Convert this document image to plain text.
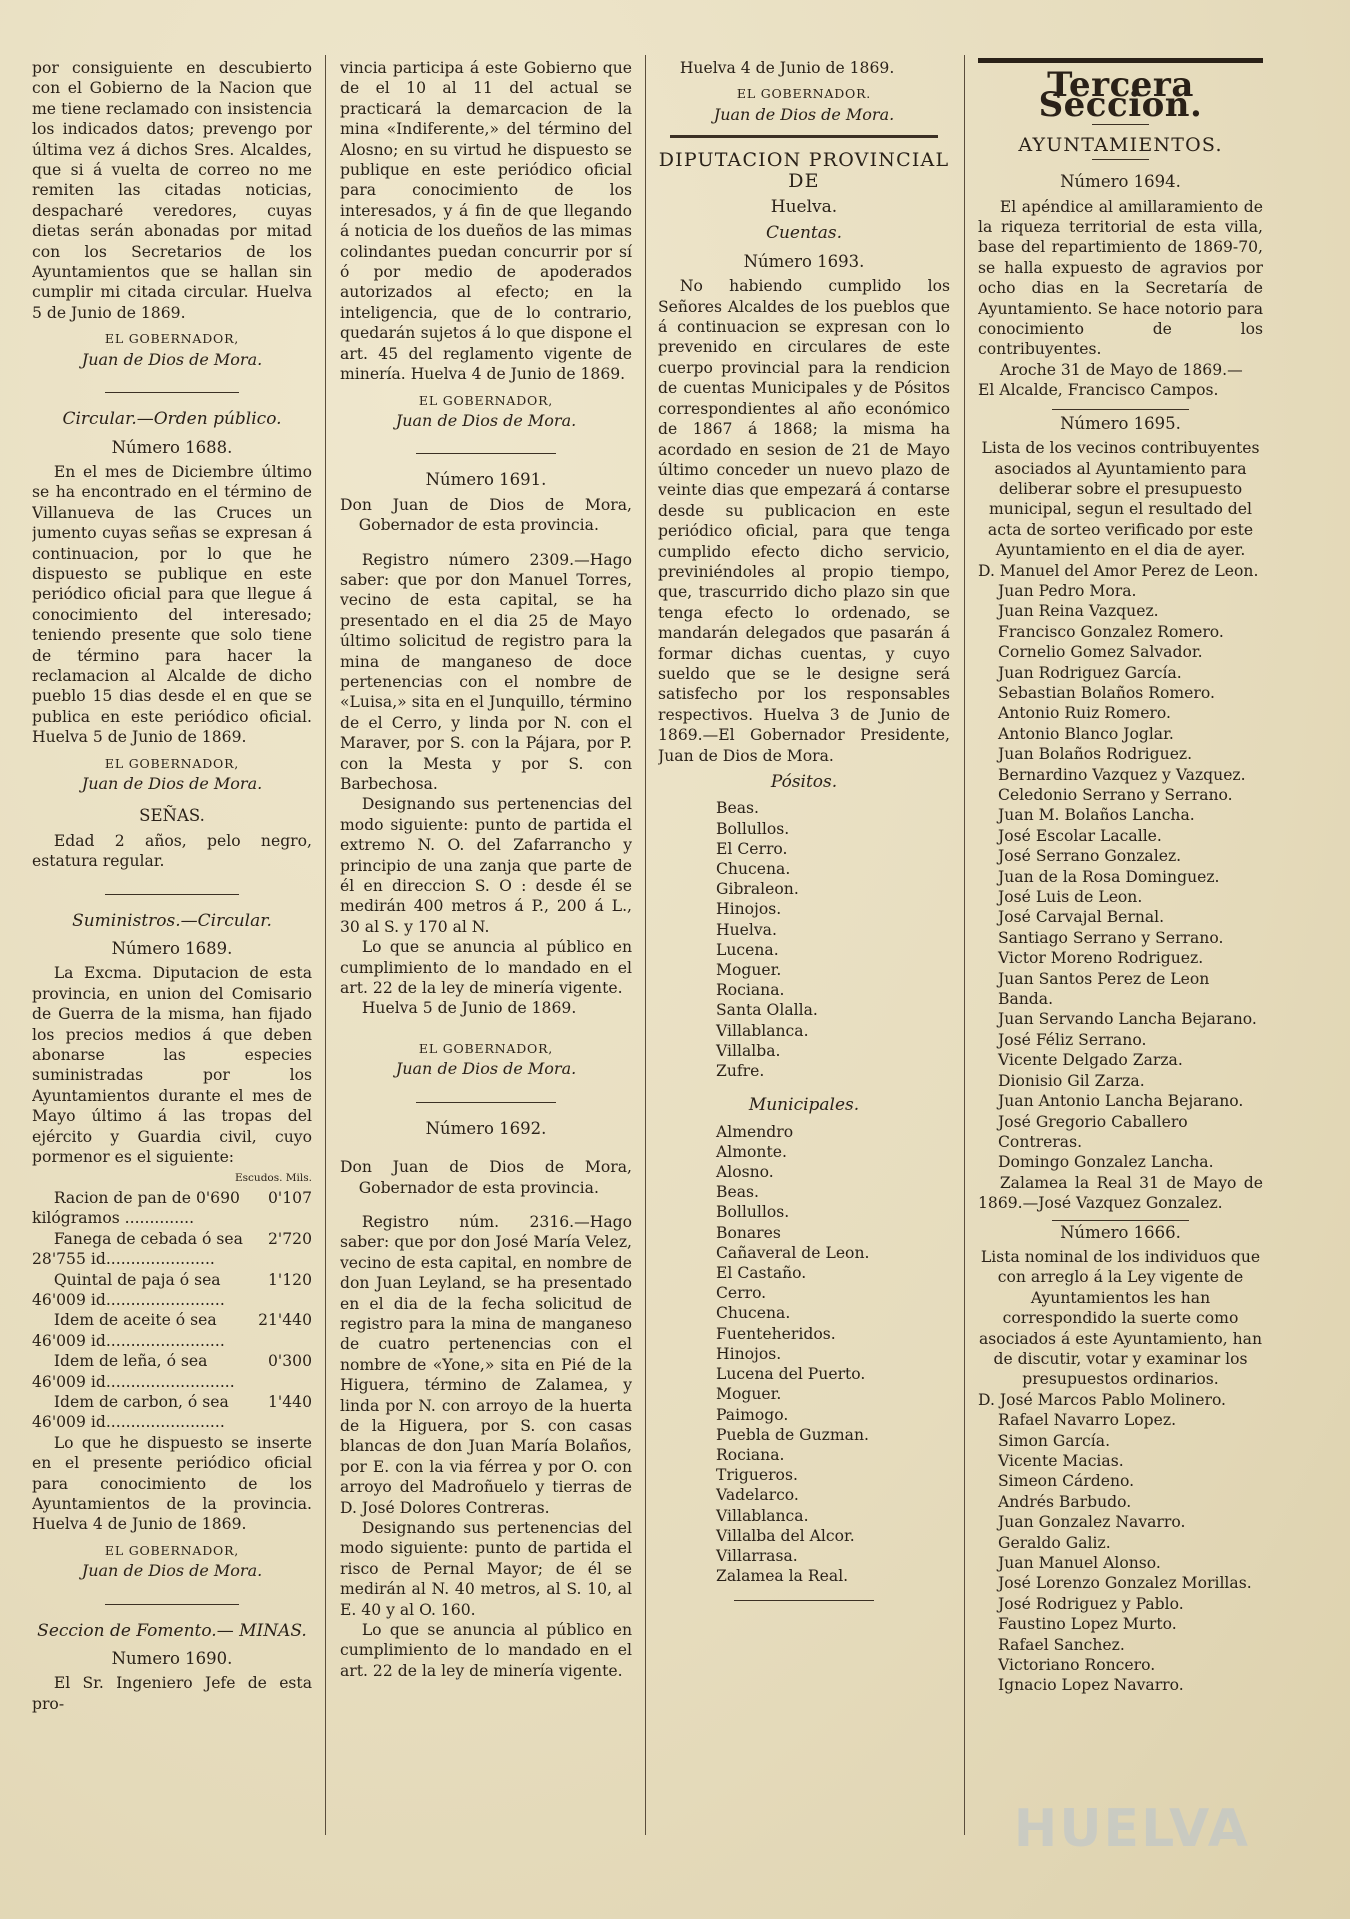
por consiguiente en descubierto con el Gobierno de la Nacion que me tiene reclamado con insistencia los indicados datos; prevengo por última vez á dichos Sres. Alcaldes, que si á vuelta de correo no me remiten las citadas noticias, despacharé veredores, cuyas dietas serán abonadas por mitad con los Secretarios de los Ayuntamientos que se hallan sin cumplir mi citada circular. Huelva 5 de Junio de 1869.

EL GOBERNADOR,
Juan de Dios de Mora.
Circular.—Orden público.
Número 1688.

En el mes de Diciembre último se ha encontrado en el término de Villanueva de las Cruces un jumento cuyas señas se expresan á continuacion, por lo que he dispuesto se publique en este periódico oficial para que llegue á conocimiento del interesado; teniendo presente que solo tiene de término para hacer la reclamacion al Alcalde de dicho pueblo 15 dias desde el en que se publica en este periódico oficial. Huelva 5 de Junio de 1869.

EL GOBERNADOR,
Juan de Dios de Mora.
SEÑAS.

Edad 2 años, pelo negro, estatura regular.

Suministros.—Circular.
Número 1689.

La Excma. Diputacion de esta provincia, en union del Comisario de Guerra de la misma, han fijado los precios medios á que deben abonarse las especies suministradas por los Ayuntamientos durante el mes de Mayo último á las tropas del ejército y Guardia civil, cuyo pormenor es el siguiente:

Escudos. Mils.
Racion de pan de 0'690 kilógramos ..............
0'107
Fanega de cebada ó sea 28'755 id......................
2'720
Quintal de paja ó sea 46'009 id........................
1'120
Idem de aceite ó sea 46'009 id........................
21'440
Idem de leña, ó sea 46'009 id..........................
0'300
Idem de carbon, ó sea 46'009 id........................
1'440

Lo que he dispuesto se inserte en el presente periódico oficial para conocimiento de los Ayuntamientos de la provincia. Huelva 4 de Junio de 1869.

EL GOBERNADOR,
Juan de Dios de Mora.
Seccion de Fomento.— MINAS.
Numero 1690.

El Sr. Ingeniero Jefe de esta pro-

vincia participa á este Gobierno que de el 10 al 11 del actual se practicará la demarcacion de la mina «Indiferente,» del término del Alosno; en su virtud he dispuesto se publique en este periódico oficial para conocimiento de los interesados, y á fin de que llegando á noticia de los dueños de las mimas colindantes puedan concurrir por sí ó por medio de apoderados autorizados al efecto; en la inteligencia, que de lo contrario, quedarán sujetos á lo que dispone el art. 45 del reglamento vigente de minería. Huelva 4 de Junio de 1869.

EL GOBERNADOR,
Juan de Dios de Mora.
Número 1691.

Don Juan de Dios de Mora, Gobernador de esta provincia.

Registro número 2309.—Hago saber: que por don Manuel Torres, vecino de esta capital, se ha presentado en el dia 25 de Mayo último solicitud de registro para la mina de manganeso de doce pertenencias con el nombre de «Luisa,» sita en el Junquillo, término de el Cerro, y linda por N. con el Maraver, por S. con la Pájara, por P. con la Mesta y por S. con Barbechosa.

Designando sus pertenencias del modo siguiente: punto de partida el extremo N. O. del Zafarrancho y principio de una zanja que parte de él en direccion S. O : desde él se medirán 400 metros á P., 200 á L., 30 al S. y 170 al N.

Lo que se anuncia al público en cumplimiento de lo mandado en el art. 22 de la ley de minería vigente.

Huelva 5 de Junio de 1869.

EL GOBERNADOR,
Juan de Dios de Mora.
Número 1692.

Don Juan de Dios de Mora, Gobernador de esta provincia.

Registro núm. 2316.—Hago saber: que por don José María Velez, vecino de esta capital, en nombre de don Juan Leyland, se ha presentado en el dia de la fecha solicitud de registro para la mina de manganeso de cuatro pertenencias con el nombre de «Yone,» sita en Pié de la Higuera, término de Zalamea, y linda por N. con arroyo de la huerta de la Higuera, por S. con casas blancas de don Juan María Bolaños, por E. con la via férrea y por O. con arroyo del Madroñuelo y tierras de D. José Dolores Contreras.

Designando sus pertenencias del modo siguiente: punto de partida el risco de Pernal Mayor; de él se medirán al N. 40 metros, al S. 10, al E. 40 y al O. 160.

Lo que se anuncia al público en cumplimiento de lo mandado en el art. 22 de la ley de minería vigente.

Huelva 4 de Junio de 1869.

EL GOBERNADOR.
Juan de Dios de Mora.
DIPUTACION PROVINCIAL DE
Huelva.
Cuentas.
Número 1693.

No habiendo cumplido los Señores Alcaldes de los pueblos que á continuacion se expresan con lo prevenido en circulares de este cuerpo provincial para la rendicion de cuentas Municipales y de Pósitos correspondientes al año económico de 1867 á 1868; la misma ha acordado en sesion de 21 de Mayo último conceder un nuevo plazo de veinte dias que empezará á contarse desde su publicacion en este periódico oficial, para que tenga cumplido efecto dicho servicio, previniéndoles al propio tiempo, que, trascurrido dicho plazo sin que tenga efecto lo ordenado, se mandarán delegados que pasarán á formar dichas cuentas, y cuyo sueldo que se le designe será satisfecho por los responsables respectivos. Huelva 3 de Junio de 1869.—El Gobernador Presidente, Juan de Dios de Mora.

Pósitos.
Beas.
Bollullos.
El Cerro.
Chucena.
Gibraleon.
Hinojos.
Huelva.
Lucena.
Moguer.
Rociana.
Santa Olalla.
Villablanca.
Villalba.
Zufre.
Municipales.
Almendro
Almonte.
Alosno.
Beas.
Bollullos.
Bonares
Cañaveral de Leon.
El Castaño.
Cerro.
Chucena.
Fuenteheridos.
Hinojos.
Lucena del Puerto.
Moguer.
Paimogo.
Puebla de Guzman.
Rociana.
Trigueros.
Vadelarco.
Villablanca.
Villalba del Alcor.
Villarrasa.
Zalamea la Real.
Tercera Seccion.
AYUNTAMIENTOS.
Número 1694.

El apéndice al amillaramiento de la riqueza territorial de esta villa, base del repartimiento de 1869-70, se halla expuesto de agravios por ocho dias en la Secretaría de Ayuntamiento. Se hace notorio para conocimiento de los contribuyentes.

Aroche 31 de Mayo de 1869.—

El Alcalde, Francisco Campos.

Número 1695.

Lista de los vecinos contribuyentes asociados al Ayuntamiento para deliberar sobre el presupuesto municipal, segun el resultado del acta de sorteo verificado por este Ayuntamiento en el dia de ayer.

D. Manuel del Amor Perez de Leon.
Juan Pedro Mora.
Juan Reina Vazquez.
Francisco Gonzalez Romero.
Cornelio Gomez Salvador.
Juan Rodriguez García.
Sebastian Bolaños Romero.
Antonio Ruiz Romero.
Antonio Blanco Joglar.
Juan Bolaños Rodriguez.
Bernardino Vazquez y Vazquez.
Celedonio Serrano y Serrano.
Juan M. Bolaños Lancha.
José Escolar Lacalle.
José Serrano Gonzalez.
Juan de la Rosa Dominguez.
José Luis de Leon.
José Carvajal Bernal.
Santiago Serrano y Serrano.
Victor Moreno Rodriguez.
Juan Santos Perez de Leon Banda.
Juan Servando Lancha Bejarano.
José Féliz Serrano.
Vicente Delgado Zarza.
Dionisio Gil Zarza.
Juan Antonio Lancha Bejarano.
José Gregorio Caballero Contreras.
Domingo Gonzalez Lancha.

Zalamea la Real 31 de Mayo de 1869.—José Vazquez Gonzalez.

Número 1666.

Lista nominal de los individuos que con arreglo á la Ley vigente de Ayuntamientos les han correspondido la suerte como asociados á este Ayuntamiento, han de discutir, votar y examinar los presupuestos ordinarios.

D. José Marcos Pablo Molinero.
Rafael Navarro Lopez.
Simon García.
Vicente Macias.
Simeon Cárdeno.
Andrés Barbudo.
Juan Gonzalez Navarro.
Geraldo Galiz.
Juan Manuel Alonso.
José Lorenzo Gonzalez Morillas.
José Rodriguez y Pablo.
Faustino Lopez Murto.
Rafael Sanchez.
Victoriano Roncero.
Ignacio Lopez Navarro.
HUELVA
